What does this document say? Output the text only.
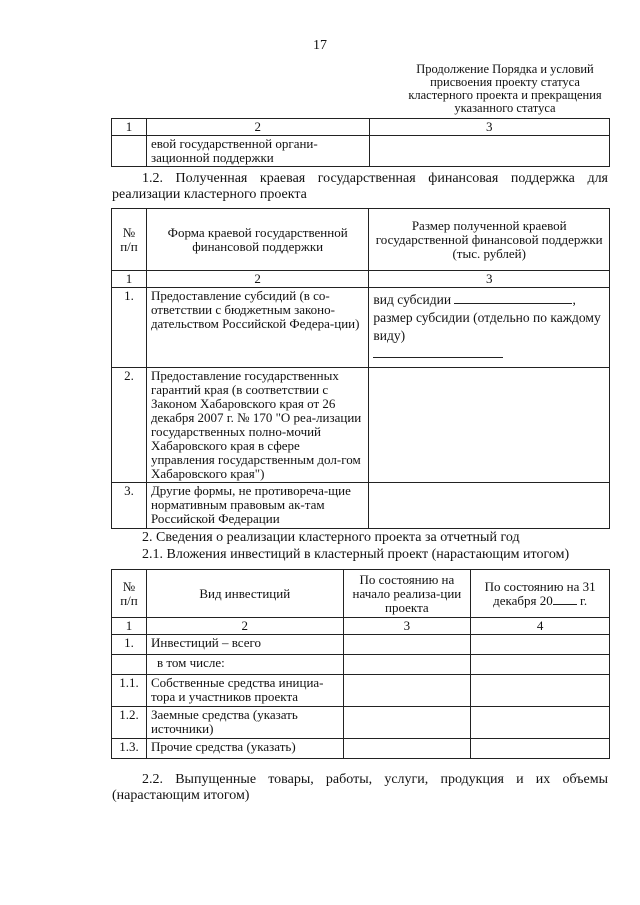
17
Продолжение Порядка и условий
присвоения проекту статуса
кластерного проекта и прекращения
указанного статуса
1	2	3
	евой государственной органи-зационной поддержки	
1.2. Полученная краевая государственная финансовая поддержка для реализации кластерного проекта
№ п/п	Форма краевой государственной финансовой поддержки	Размер полученной краевой государственной финансовой поддержки (тыс. рублей)
1	2	3
1.	Предоставление субсидий (в со-ответствии с бюджетным законо-дательством Российской Федера-ции)	вид субсидии ,
размер субсидии (отдельно по каждому виду)

2.	Предоставление государственных гарантий края (в соответствии с Законом Хабаровского края от 26 декабря 2007 г. № 170 "О реа-лизации государственных полно-мочий Хабаровского края в сфере управления государственным дол-гом Хабаровского края")	
3.	Другие формы, не противореча-щие нормативным правовым ак-там Российской Федерации	
2. Сведения о реализации кластерного проекта за отчетный год
2.1. Вложения инвестиций в кластерный проект (нарастающим итогом)
№ п/п	Вид инвестиций	По состоянию на начало реализа-ции проекта	По состоянию на 31 декабря 20 г.
1	2	3	4
1.	Инвестиций – всего		
	в том числе:		
1.1.	Собственные средства инициа-тора и участников проекта		
1.2.	Заемные средства (указать источники)		
1.3.	Прочие средства (указать)		
2.2. Выпущенные товары, работы, услуги, продукция и их объемы (нарастающим итогом)
